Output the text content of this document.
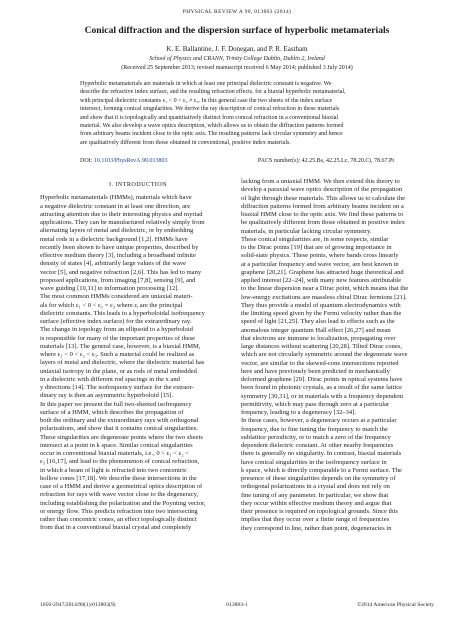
PHYSICAL REVIEW A 90, 013803 (2014)
Conical diffraction and the dispersion surface of hyperbolic metamaterials
K. E. Ballantine, J. F. Donegan, and P. R. Eastham
School of Physics and CRANN, Trinity College Dublin, Dublin 2, Ireland
(Received 25 September 2013; revised manuscript received 6 May 2014; published 3 July 2014)
Hyperbolic metamaterials are materials in which at least one principal dielectric constant is negative. We
describe the refractive index surface, and the resulting refraction effects, for a biaxial hyperbolic metamaterial,
with principal dielectric constants ε₁ < 0 < ε₂ ≠ ε₃. In this general case the two sheets of the index surface
intersect, forming conical singularities. We derive the ray description of conical refraction in these materials
and show that it is topologically and quantitatively distinct from conical refraction in a conventional biaxial
material. We also develop a wave optics description, which allows us to obtain the diffraction patterns formed
from arbitrary beams incident close to the optic axis. The resulting patterns lack circular symmetry and hence
are qualitatively different from those obtained in conventional, positive index materials.
DOI: 10.1103/PhysRevA.90.013803	PACS number(s): 42.25.Bs, 42.25.Lc, 78.20.Ci, 78.67.Pt
I. INTRODUCTION
Hyperbolic metamaterials (HMMs), materials which have
a negative dielectric constant in at least one direction, are
attracting attention due to their interesting physics and myriad
applications. They can be manufactured relatively simply from
alternating layers of metal and dielectric, or by embedding
metal rods in a dielectric background [1,2]. HMMs have
recently been shown to have unique properties, described by
effective medium theory [3], including a broadband infinite
density of states [4], arbitrarily large values of the wave
vector [5], and negative refraction [2,6]. This has led to many
proposed applications, from imaging [7,8], sensing [9], and
wave guiding [10,11] to information processing [12].
The most common HMMs considered are uniaxial materi-
als for which ε₁ < 0 < ε₂ = ε₃ where εᵢ are the principal
dielectric constants. This leads to a hyperboloidal isofrequency
surface (effective index surface) for the extraordinary ray.
The change in topology from an ellipsoid to a hyperboloid
is responsible for many of the important properties of these
materials [13]. The general case, however, is a biaxial HMM,
where ε₁ < 0 < ε₂ < ε₃. Such a material could be realized as
layers of metal and dielectric, where the dielectric material has
uniaxial isotropy in the plane, or as rods of metal embedded
in a dielectric with different rod spacings in the x and
y directions [14]. The isofrequency surface for the extraor-
dinary ray is then an asymmetric hyperboloid [15].
In this paper we present the full two-sheeted isofrequency
surface of a HMM, which describes the propagation of
both the ordinary and the extraordinary rays with orthogonal
polarizations, and show that it contains conical singularities.
These singularities are degenerate points where the two sheets
intersect at a point in k space. Similar conical singularities
occur in conventional biaxial materials, i.e., 0 < ε₁ < ε₂ <
ε₃ [16,17], and lead to the phenomenon of conical refraction,
in which a beam of light is refracted into two concentric
hollow cones [17,18]. We describe these intersections in the
case of a HMM and derive a geometrical optics description of
refraction for rays with wave vector close to the degeneracy,
including establishing the polarization and the Poynting vector,
or energy flow. This predicts refraction into two intersecting
rather than concentric cones, an effect topologically distinct
from that in a conventional biaxial crystal and completely
lacking from a uniaxial HMM. We then extend this theory to
develop a paraxial wave optics description of the propagation
of light through these materials. This allows us to calculate the
diffraction patterns formed from arbitrary beams incident on a
biaxial HMM close to the optic axis. We find these patterns to
be qualitatively different from those obtained in positive index
materials, in particular lacking circular symmetry.
These conical singularities are, in some respects, similar
to the Dirac points [19] that are of growing importance in
solid-state physics. These points, where bands cross linearly
at a particular frequency and wave vector, are best known in
graphene [20,21]. Graphene has attracted huge theoretical and
applied interest [22–24], with many new features attributable
to the linear dispersion near a Dirac point, which means that the
low-energy excitations are massless chiral Dirac fermions [21].
They thus provide a model of quantum electrodynamics with
the limiting speed given by the Fermi velocity rather than the
speed of light [21,25]. They also lead to effects such as the
anomalous integer quantum Hall effect [26,27] and mean
that electrons are immune to localization, propagating over
large distances without scattering [20,28]. Tilted Dirac cones,
which are not circularly symmetric around the degenerate wave
vector, are similar to the skewed-cone intersections reported
here and have previously been predicted in mechanically
deformed graphene [29]. Dirac points in optical systems have
been found in photonic crystals, as a result of the same lattice
symmetry [30,31], or in materials with a frequency dependent
permittivity, which may pass through zero at a particular
frequency, leading to a degeneracy [32–34].
In these cases, however, a degeneracy occurs at a particular
frequency, due to fine tuning the frequency to match the
sublattice periodicity, or to match a zero of the frequency
dependent dielectric constant. At other nearby frequencies
there is generally no singularity. In contrast, biaxial materials
have conical singularities in the isofrequency surface in
k space, which is directly comparable to a Fermi surface. The
presence of these singularities depends on the symmetry of
orthogonal polarizations in a crystal and does not rely on
fine tuning of any parameter. In particular, we show that
they occur within effective medium theory and argue that
their presence is required on topological grounds. Since this
implies that they occur over a finite range of frequencies
they correspond to line, rather than point, degeneracies in
1050-2947/2014/90(1)/013803(9)	013803-1	©2014 American Physical Society
